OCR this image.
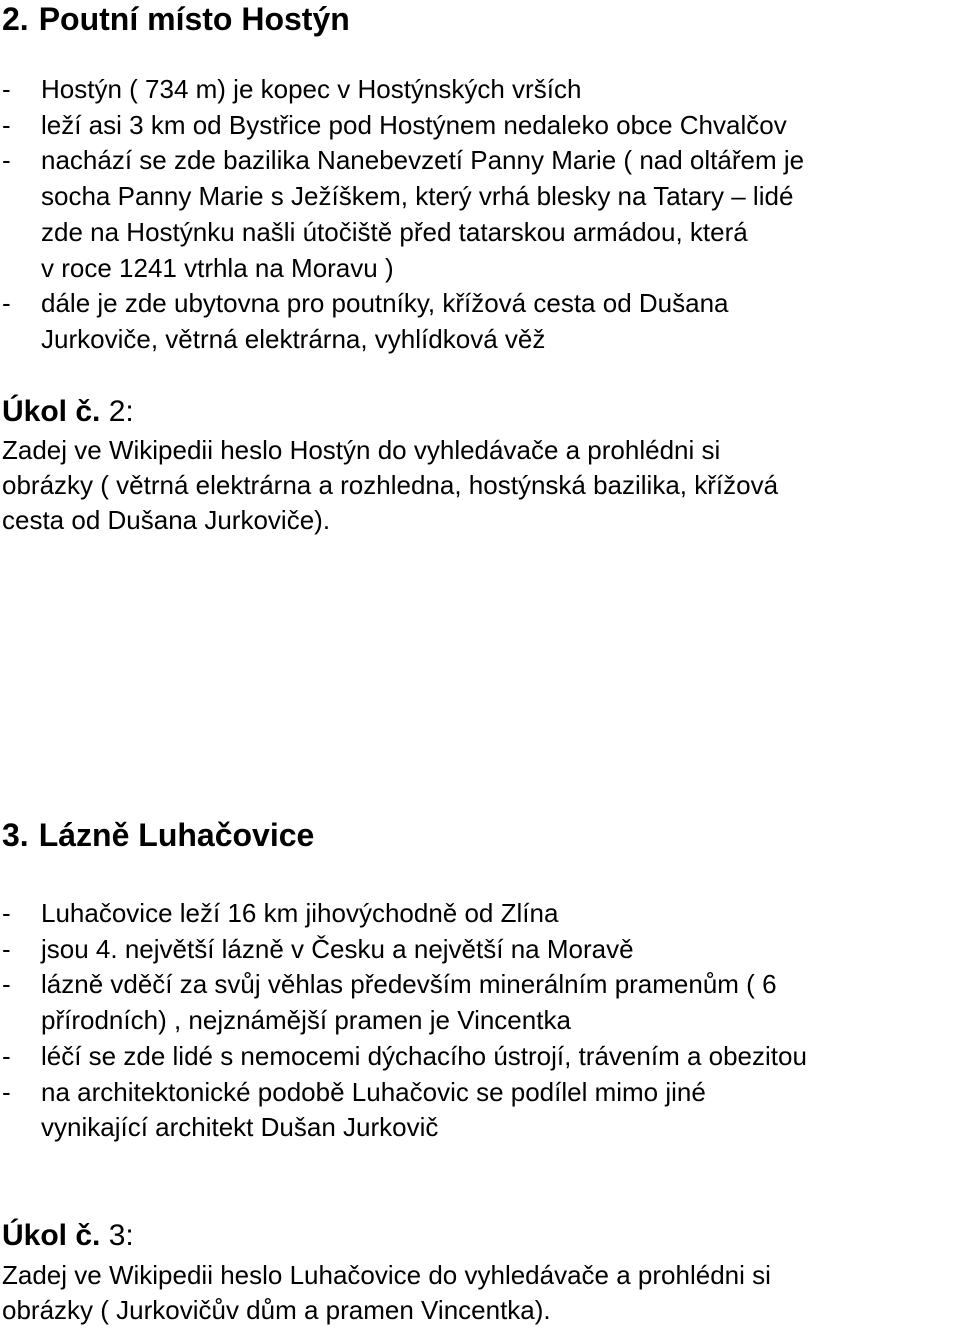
2. Poutní místo Hostýn
- Hostýn ( 734 m) je kopec v Hostýnských vrších
- leží asi 3 km od Bystřice pod Hostýnem nedaleko obce Chvalčov
- nachází se zde bazilika Nanebevzetí Panny Marie ( nad oltářem je
socha Panny Marie s Ježíškem, který vrhá blesky na Tatary – lidé
zde na Hostýnku našli útočiště před tatarskou armádou, která
v roce 1241 vtrhla na Moravu )
- dále je zde ubytovna pro poutníky, křížová cesta od Dušana
Jurkoviče, větrná elektrárna, vyhlídková věž
Úkol č. 2:

Zadej ve Wikipedii heslo Hostýn do vyhledávače a prohlédni si
obrázky ( větrná elektrárna a rozhledna, hostýnská bazilika, křížová
cesta od Dušana Jurkoviče).

3. Lázně Luhačovice
- Luhačovice leží 16 km jihovýchodně od Zlína
- jsou 4. největší lázně v Česku a největší na Moravě
- lázně vděčí za svůj věhlas především minerálním pramenům ( 6
přírodních) , nejznámější pramen je Vincentka
- léčí se zde lidé s nemocemi dýchacího ústrojí, trávením a obezitou
- na architektonické podobě Luhačovic se podílel mimo jiné
vynikající architekt Dušan Jurkovič
Úkol č. 3:

Zadej ve Wikipedii heslo Luhačovice do vyhledávače a prohlédni si
obrázky ( Jurkovičův dům a pramen Vincentka).
